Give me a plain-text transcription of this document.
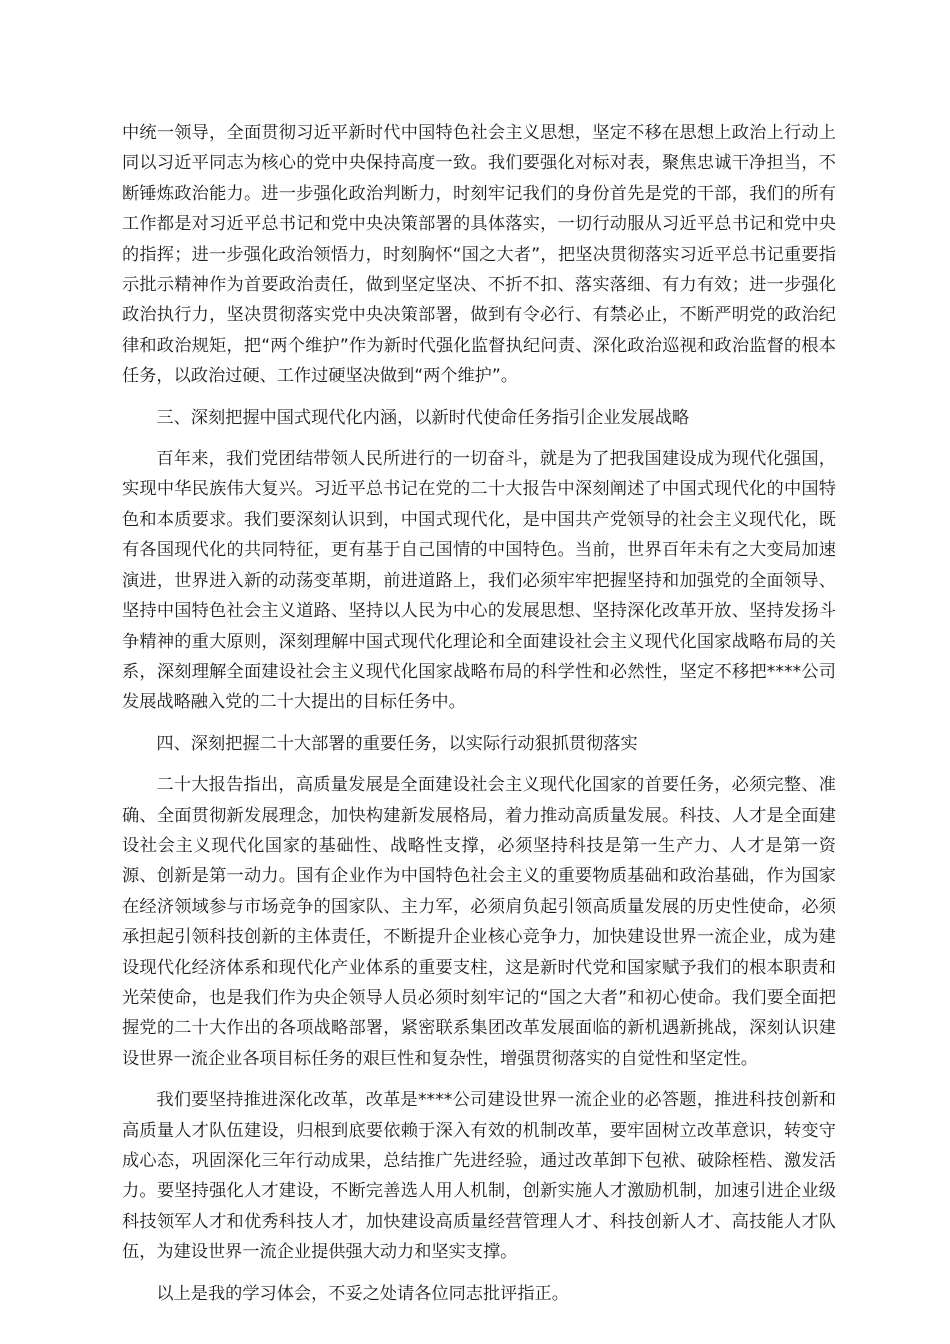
中统一领导，全面贯彻习近平新时代中国特色社会主义思想，坚定不移在思想上政治上行动上同以习近平同志为核心的党中央保持高度一致。我们要强化对标对表，聚焦忠诚干净担当，不断锤炼政治能力。进一步强化政治判断力，时刻牢记我们的身份首先是党的干部，我们的所有工作都是对习近平总书记和党中央决策部署的具体落实，一切行动服从习近平总书记和党中央的指挥；进一步强化政治领悟力，时刻胸怀“国之大者”，把坚决贯彻落实习近平总书记重要指示批示精神作为首要政治责任，做到坚定坚决、不折不扣、落实落细、有力有效；进一步强化政治执行力，坚决贯彻落实党中央决策部署，做到有令必行、有禁必止，不断严明党的政治纪律和政治规矩，把“两个维护”作为新时代强化监督执纪问责、深化政治巡视和政治监督的根本任务，以政治过硬、工作过硬坚决做到“两个维护”。

三、深刻把握中国式现代化内涵，以新时代使命任务指引企业发展战略

百年来，我们党团结带领人民所进行的一切奋斗，就是为了把我国建设成为现代化强国，实现中华民族伟大复兴。习近平总书记在党的二十大报告中深刻阐述了中国式现代化的中国特色和本质要求。我们要深刻认识到，中国式现代化，是中国共产党领导的社会主义现代化，既有各国现代化的共同特征，更有基于自己国情的中国特色。当前，世界百年未有之大变局加速演进，世界进入新的动荡变革期，前进道路上，我们必须牢牢把握坚持和加强党的全面领导、坚持中国特色社会主义道路、坚持以人民为中心的发展思想、坚持深化改革开放、坚持发扬斗争精神的重大原则，深刻理解中国式现代化理论和全面建设社会主义现代化国家战略布局的关系，深刻理解全面建设社会主义现代化国家战略布局的科学性和必然性，坚定不移把****公司发展战略融入党的二十大提出的目标任务中。

四、深刻把握二十大部署的重要任务，以实际行动狠抓贯彻落实

二十大报告指出，高质量发展是全面建设社会主义现代化国家的首要任务，必须完整、准确、全面贯彻新发展理念，加快构建新发展格局，着力推动高质量发展。科技、人才是全面建设社会主义现代化国家的基础性、战略性支撑，必须坚持科技是第一生产力、人才是第一资源、创新是第一动力。国有企业作为中国特色社会主义的重要物质基础和政治基础，作为国家在经济领域参与市场竞争的国家队、主力军，必须肩负起引领高质量发展的历史性使命，必须承担起引领科技创新的主体责任，不断提升企业核心竞争力，加快建设世界一流企业，成为建设现代化经济体系和现代化产业体系的重要支柱，这是新时代党和国家赋予我们的根本职责和光荣使命，也是我们作为央企领导人员必须时刻牢记的“国之大者”和初心使命。我们要全面把握党的二十大作出的各项战略部署，紧密联系集团改革发展面临的新机遇新挑战，深刻认识建设世界一流企业各项目标任务的艰巨性和复杂性，增强贯彻落实的自觉性和坚定性。

我们要坚持推进深化改革，改革是****公司建设世界一流企业的必答题，推进科技创新和高质量人才队伍建设，归根到底要依赖于深入有效的机制改革，要牢固树立改革意识，转变守成心态，巩固深化三年行动成果，总结推广先进经验，通过改革卸下包袱、破除桎梏、激发活力。要坚持强化人才建设，不断完善选人用人机制，创新实施人才激励机制，加速引进企业级科技领军人才和优秀科技人才，加快建设高质量经营管理人才、科技创新人才、高技能人才队伍，为建设世界一流企业提供强大动力和坚实支撑。

以上是我的学习体会，不妥之处请各位同志批评指正。
